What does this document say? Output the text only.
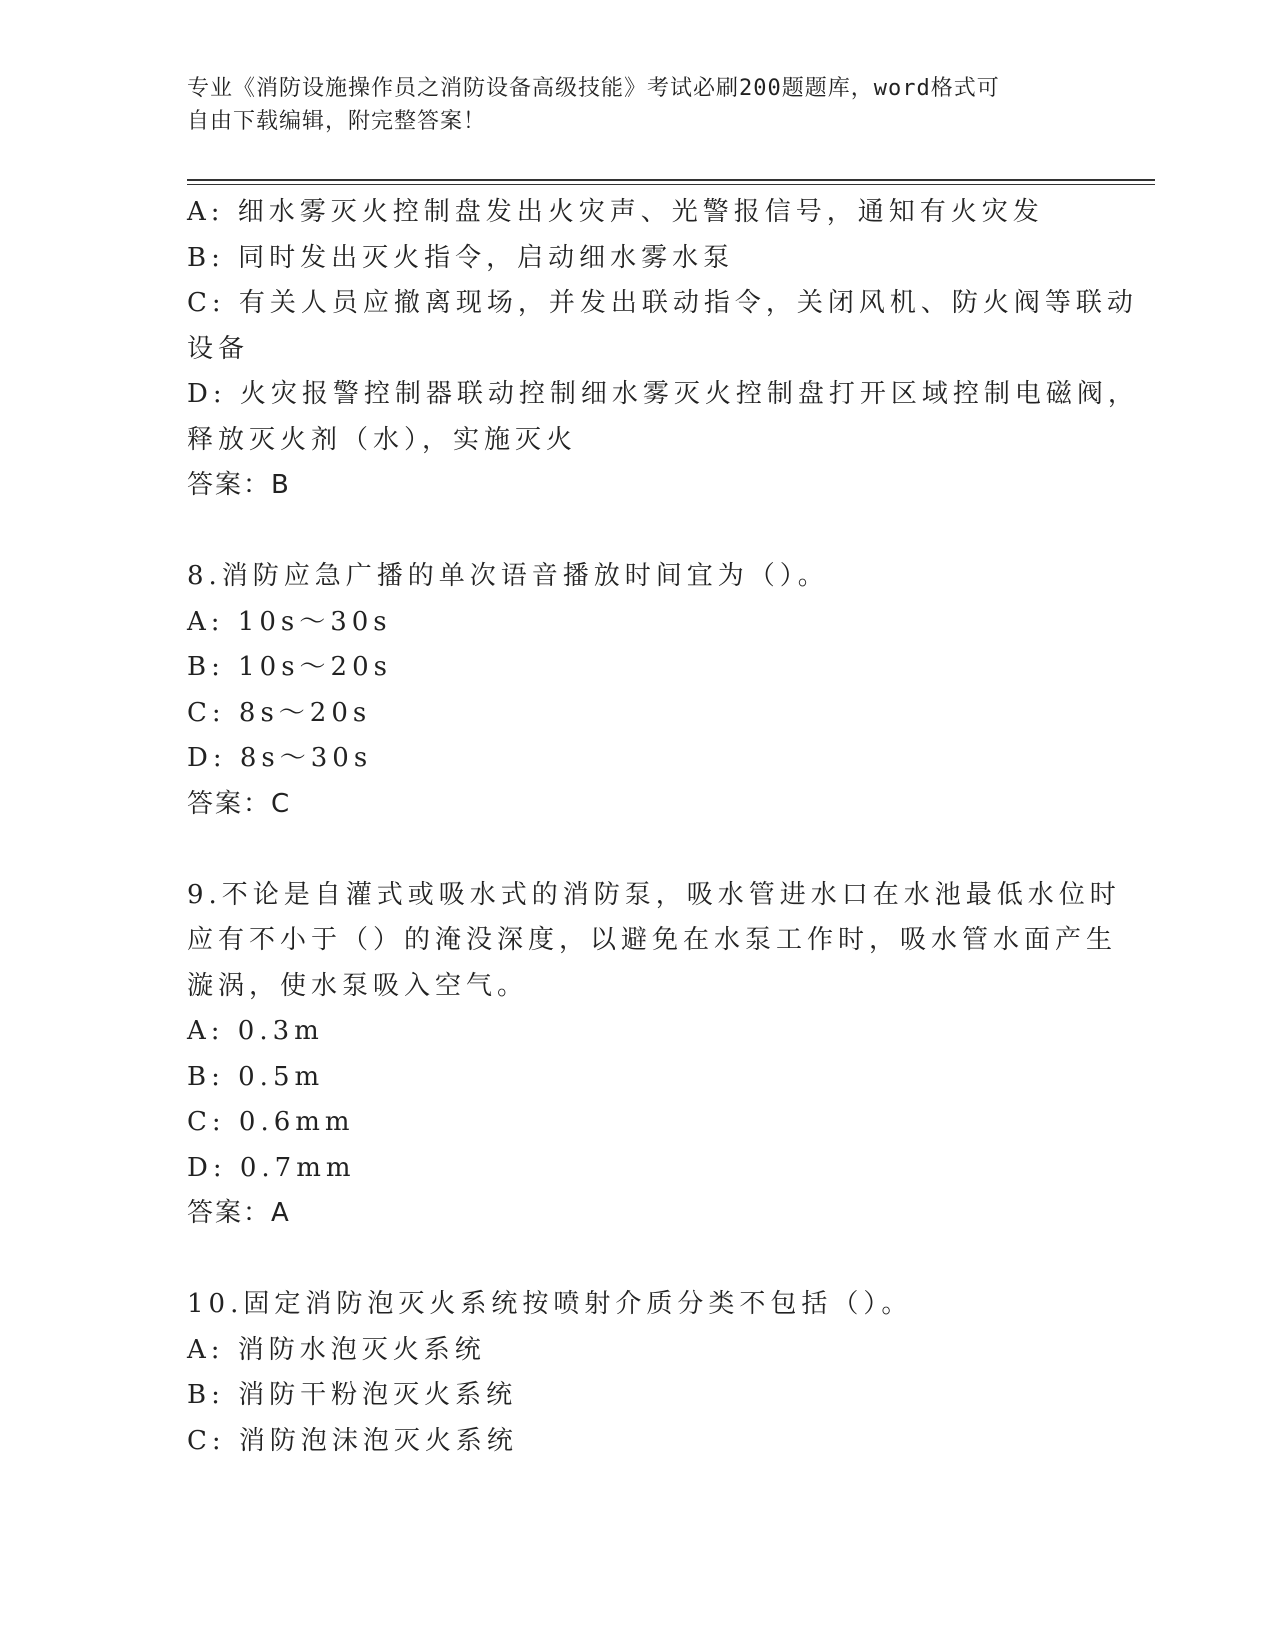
专业《消防设施操作员之消防设备高级技能》考试必刷200题题库，word格式可
自由下载编辑，附完整答案！
A: 细水雾灭火控制盘发出火灾声、光警报信号，通知有火灾发
B: 同时发出灭火指令，启动细水雾水泵
C: 有关人员应撤离现场，并发出联动指令，关闭风机、防火阀等联动
设备
D: 火灾报警控制器联动控制细水雾灭火控制盘打开区域控制电磁阀，
释放灭火剂（水），实施灭火
答案：B
8.消防应急广播的单次语音播放时间宜为（）。
A: 10s～30s
B: 10s～20s
C: 8s～20s
D: 8s～30s
答案：C
9.不论是自灌式或吸水式的消防泵，吸水管进水口在水池最低水位时
应有不小于（）的淹没深度，以避免在水泵工作时，吸水管水面产生
漩涡，使水泵吸入空气。
A: 0.3m
B: 0.5m
C: 0.6mm
D: 0.7mm
答案：A
10.固定消防泡灭火系统按喷射介质分类不包括（）。
A: 消防水泡灭火系统
B: 消防干粉泡灭火系统
C: 消防泡沫泡灭火系统
